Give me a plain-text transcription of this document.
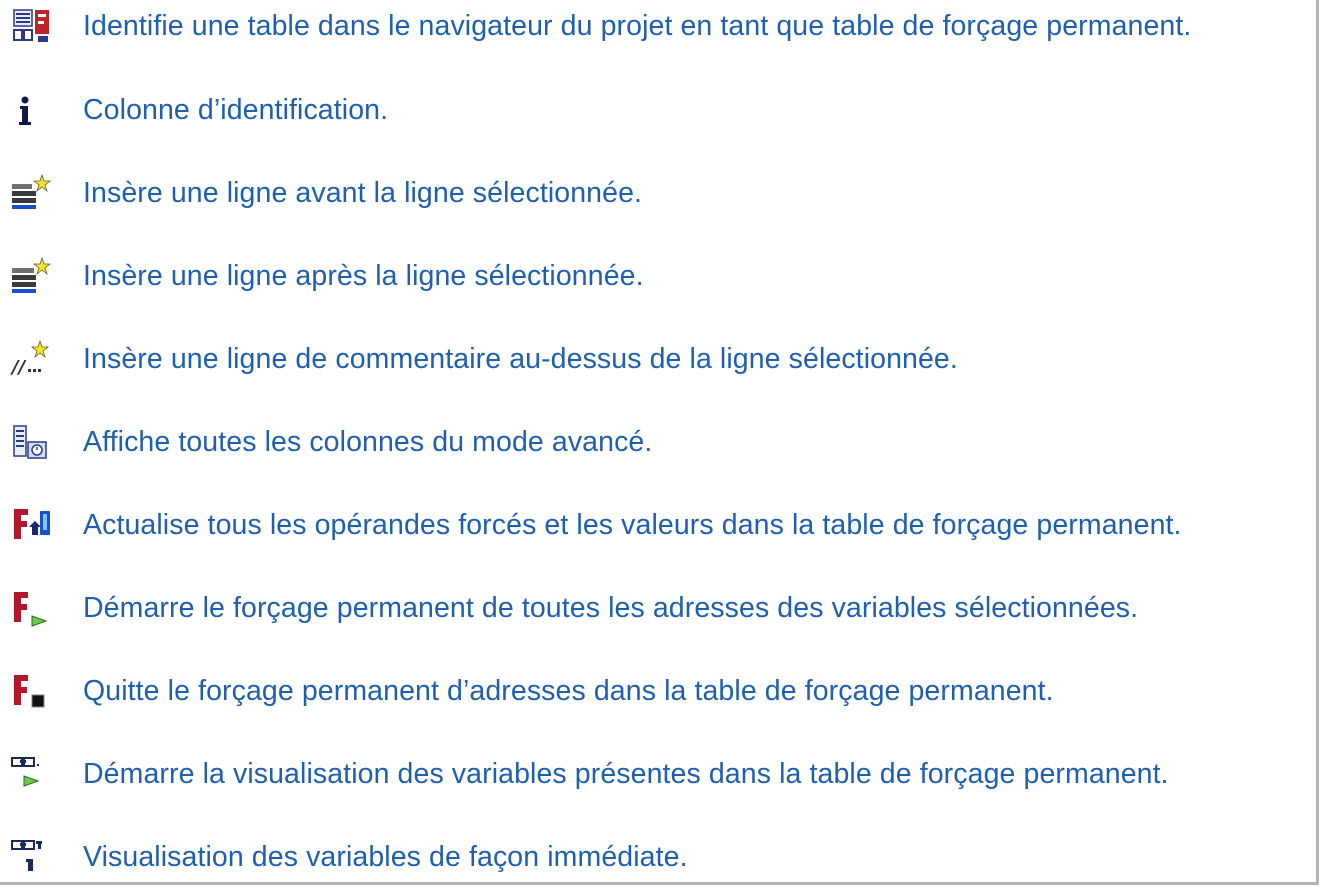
Identifie une table dans le navigateur du projet en tant que table de forçage permanent.
Colonne d’identification.
Insère une ligne avant la ligne sélectionnée.
Insère une ligne après la ligne sélectionnée.
// Insère une ligne de commentaire au-dessus de la ligne sélectionnée.
Affiche toutes les colonnes du mode avancé.
Actualise tous les opérandes forcés et les valeurs dans la table de forçage permanent.
Démarre le forçage permanent de toutes les adresses des variables sélectionnées.
Quitte le forçage permanent d’adresses dans la table de forçage permanent.
Démarre la visualisation des variables présentes dans la table de forçage permanent.
Visualisation des variables de façon immédiate.
